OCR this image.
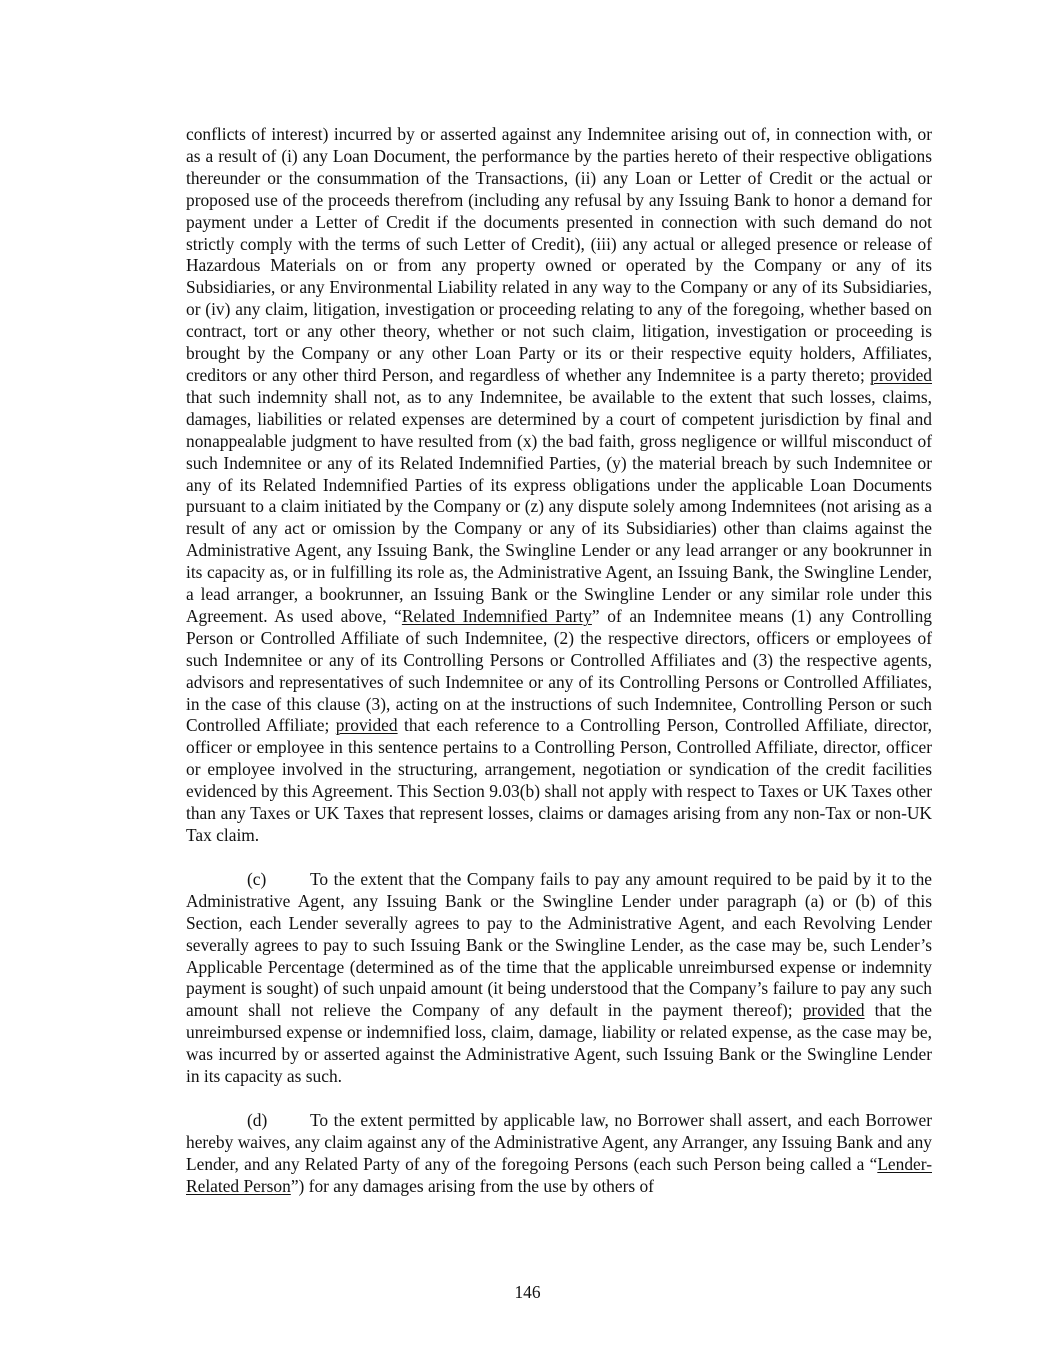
conflicts of interest) incurred by or asserted against any Indemnitee arising out of, in connection with, or as a result of (i) any Loan Document, the performance by the parties hereto of their respective obligations thereunder or the consummation of the Transactions, (ii) any Loan or Letter of Credit or the actual or proposed use of the proceeds therefrom (including any refusal by any Issuing Bank to honor a demand for payment under a Letter of Credit if the documents presented in connection with such demand do not strictly comply with the terms of such Letter of Credit), (iii) any actual or alleged presence or release of Hazardous Materials on or from any property owned or operated by the Company or any of its Subsidiaries, or any Environmental Liability related in any way to the Company or any of its Subsidiaries, or (iv) any claim, litigation, investigation or proceeding relating to any of the foregoing, whether based on contract, tort or any other theory, whether or not such claim, litigation, investigation or proceeding is brought by the Company or any other Loan Party or its or their respective equity holders, Affiliates, creditors or any other third Person, and regardless of whether any Indemnitee is a party thereto; provided that such indemnity shall not, as to any Indemnitee, be available to the extent that such losses, claims, damages, liabilities or related expenses are determined by a court of competent jurisdiction by final and nonappealable judgment to have resulted from (x) the bad faith, gross negligence or willful misconduct of such Indemnitee or any of its Related Indemnified Parties, (y) the material breach by such Indemnitee or any of its Related Indemnified Parties of its express obligations under the applicable Loan Documents pursuant to a claim initiated by the Company or (z) any dispute solely among Indemnitees (not arising as a result of any act or omission by the Company or any of its Subsidiaries) other than claims against the Administrative Agent, any Issuing Bank, the Swingline Lender or any lead arranger or any bookrunner in its capacity as, or in fulfilling its role as, the Administrative Agent, an Issuing Bank, the Swingline Lender, a lead arranger, a bookrunner, an Issuing Bank or the Swingline Lender or any similar role under this Agreement. As used above, “Related Indemnified Party” of an Indemnitee means (1) any Controlling Person or Controlled Affiliate of such Indemnitee, (2) the respective directors, officers or employees of such Indemnitee or any of its Controlling Persons or Controlled Affiliates and (3) the respective agents, advisors and representatives of such Indemnitee or any of its Controlling Persons or Controlled Affiliates, in the case of this clause (3), acting on at the instructions of such Indemnitee, Controlling Person or such Controlled Affiliate; provided that each reference to a Controlling Person, Controlled Affiliate, director, officer or employee in this sentence pertains to a Controlling Person, Controlled Affiliate, director, officer or employee involved in the structuring, arrangement, negotiation or syndication of the credit facilities evidenced by this Agreement. This Section 9.03(b) shall not apply with respect to Taxes or UK Taxes other than any Taxes or UK Taxes that represent losses, claims or damages arising from any non-Tax or non-UK Tax claim.

(c)	To the extent that the Company fails to pay any amount required to be paid by it to the Administrative Agent, any Issuing Bank or the Swingline Lender under paragraph (a) or (b) of this Section, each Lender severally agrees to pay to the Administrative Agent, and each Revolving Lender severally agrees to pay to such Issuing Bank or the Swingline Lender, as the case may be, such Lender’s Applicable Percentage (determined as of the time that the applicable unreimbursed expense or indemnity payment is sought) of such unpaid amount (it being understood that the Company’s failure to pay any such amount shall not relieve the Company of any default in the payment thereof); provided that the unreimbursed expense or indemnified loss, claim, damage, liability or related expense, as the case may be, was incurred by or asserted against the Administrative Agent, such Issuing Bank or the Swingline Lender in its capacity as such.

(d) To the extent permitted by applicable law, no Borrower shall assert, and each Borrower hereby waives, any claim against any of the Administrative Agent, any Arranger, any Issuing Bank and any Lender, and any Related Party of any of the foregoing Persons (each such Person being called a “Lender-Related Person”) for any damages arising from the use by others of

146
